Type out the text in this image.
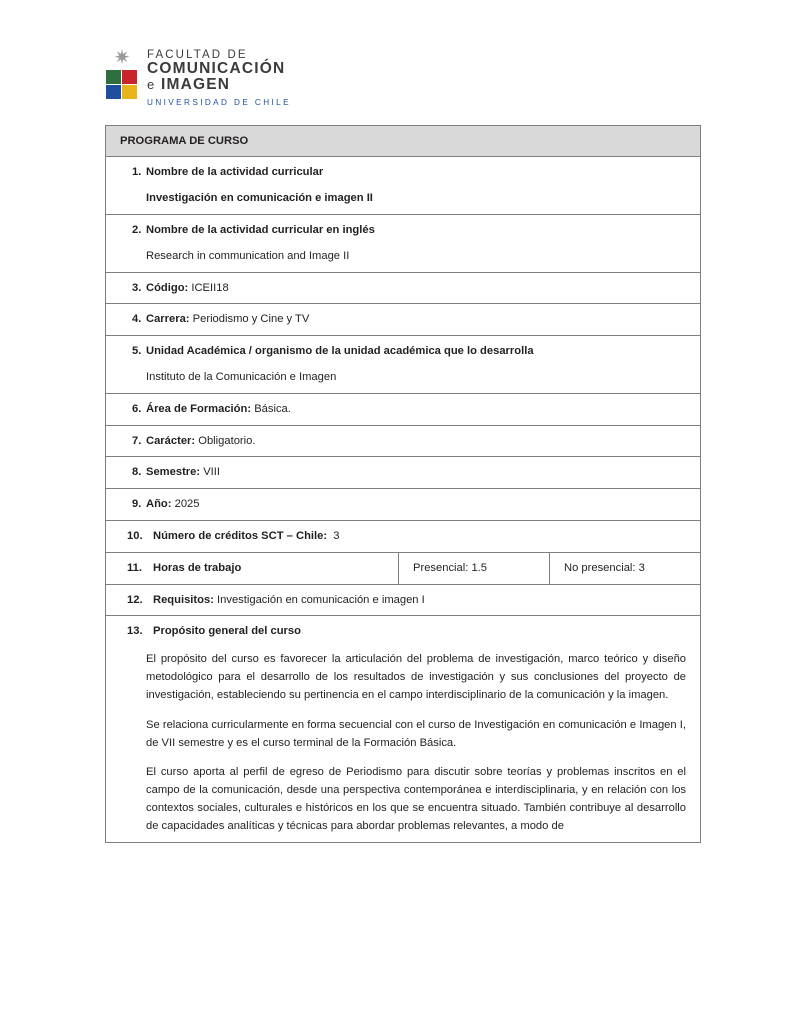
✷ FACULTAD DE
COMUNICACIÓN
e IMAGEN
UNIVERSIDAD DE CHILE
PROGRAMA DE CURSO

1. Nombre de la actividad curricular
Investigación en comunicación e imagen II

2. Nombre de la actividad curricular en inglés
Research in communication and Image II

3. Código: ICEII18

4. Carrera: Periodismo y Cine y TV

5. Unidad Académica / organismo de la unidad académica que lo desarrolla
Instituto de la Comunicación e Imagen

6. Área de Formación: Básica.

7. Carácter: Obligatorio.

8. Semestre: VIII

9. Año: 2025

10. Número de créditos SCT – Chile: 3

11. Horas de trabajo	Presencial: 1.5	No presencial: 3

12. Requisitos: Investigación en comunicación e imagen I

13. Propósito general del curso

El propósito del curso es favorecer la articulación del problema de investigación, marco teórico y diseño metodológico para el desarrollo de los resultados de investigación y sus conclusiones del proyecto de investigación, estableciendo su pertinencia en el campo interdisciplinario de la comunicación y la imagen.

Se relaciona curricularmente en forma secuencial con el curso de Investigación en comunicación e Imagen I, de VII semestre y es el curso terminal de la Formación Básica.

El curso aporta al perfil de egreso de Periodismo para discutir sobre teorías y problemas inscritos en el campo de la comunicación, desde una perspectiva contemporánea e interdisciplinaria, y en relación con los contextos sociales, culturales e históricos en los que se encuentra situado. También contribuye al desarrollo de capacidades analíticas y técnicas para abordar problemas relevantes, a modo de
